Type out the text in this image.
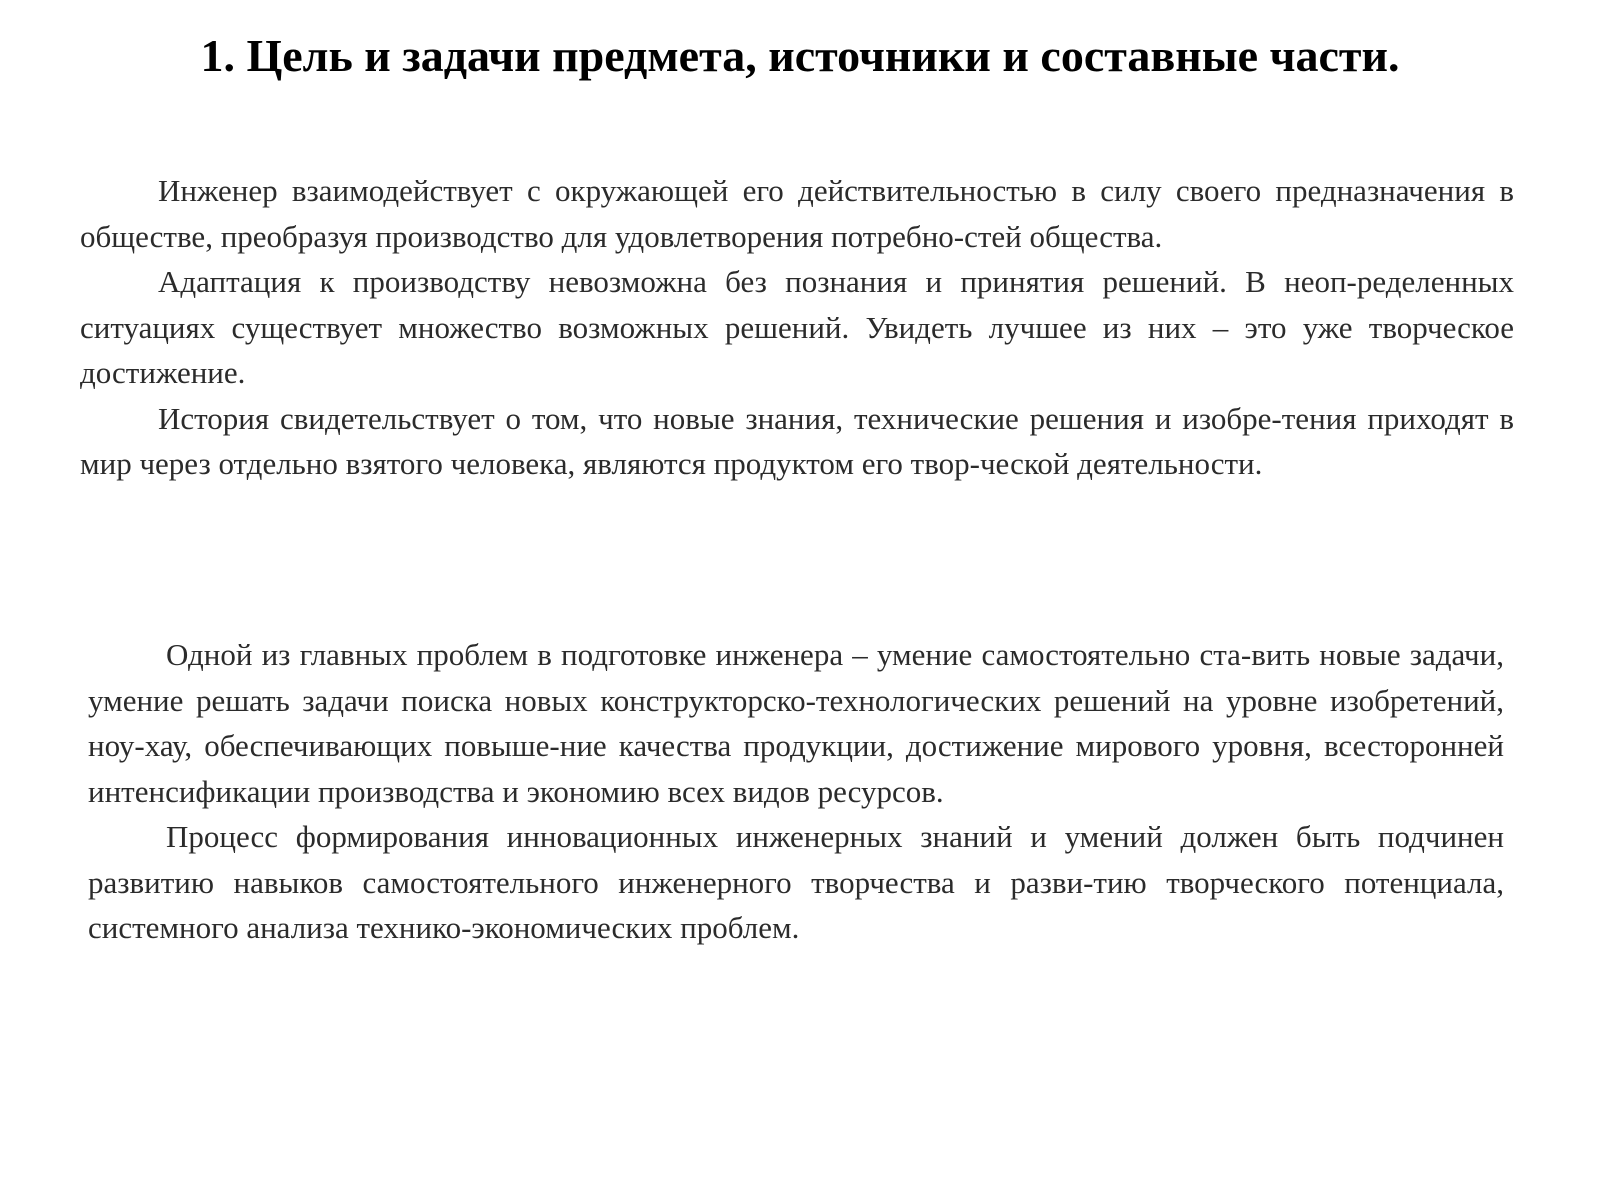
1. Цель и задачи предмета, источники и составные части.

Инженер взаимодействует с окружающей его действительностью в силу своего предназначения в обществе, преобразуя производство для удовлетворения потребно-стей общества.

Адаптация к производству невозможна без познания и принятия решений. В неоп-ределенных ситуациях существует множество возможных решений. Увидеть лучшее из них – это уже творческое достижение.

История свидетельствует о том, что новые знания, технические решения и изобре-тения приходят в мир через отдельно взятого человека, являются продуктом его твор-ческой деятельности.

Одной из главных проблем в подготовке инженера – умение самостоятельно ста-вить новые задачи, умение решать задачи поиска новых конструкторско-технологических решений на уровне изобретений, ноу-хау, обеспечивающих повыше-ние качества продукции, достижение мирового уровня, всесторонней интенсификации производства и экономию всех видов ресурсов.

Процесс формирования инновационных инженерных знаний и умений должен быть подчинен развитию навыков самостоятельного инженерного творчества и разви-тию творческого потенциала, системного анализа технико-экономических проблем.
